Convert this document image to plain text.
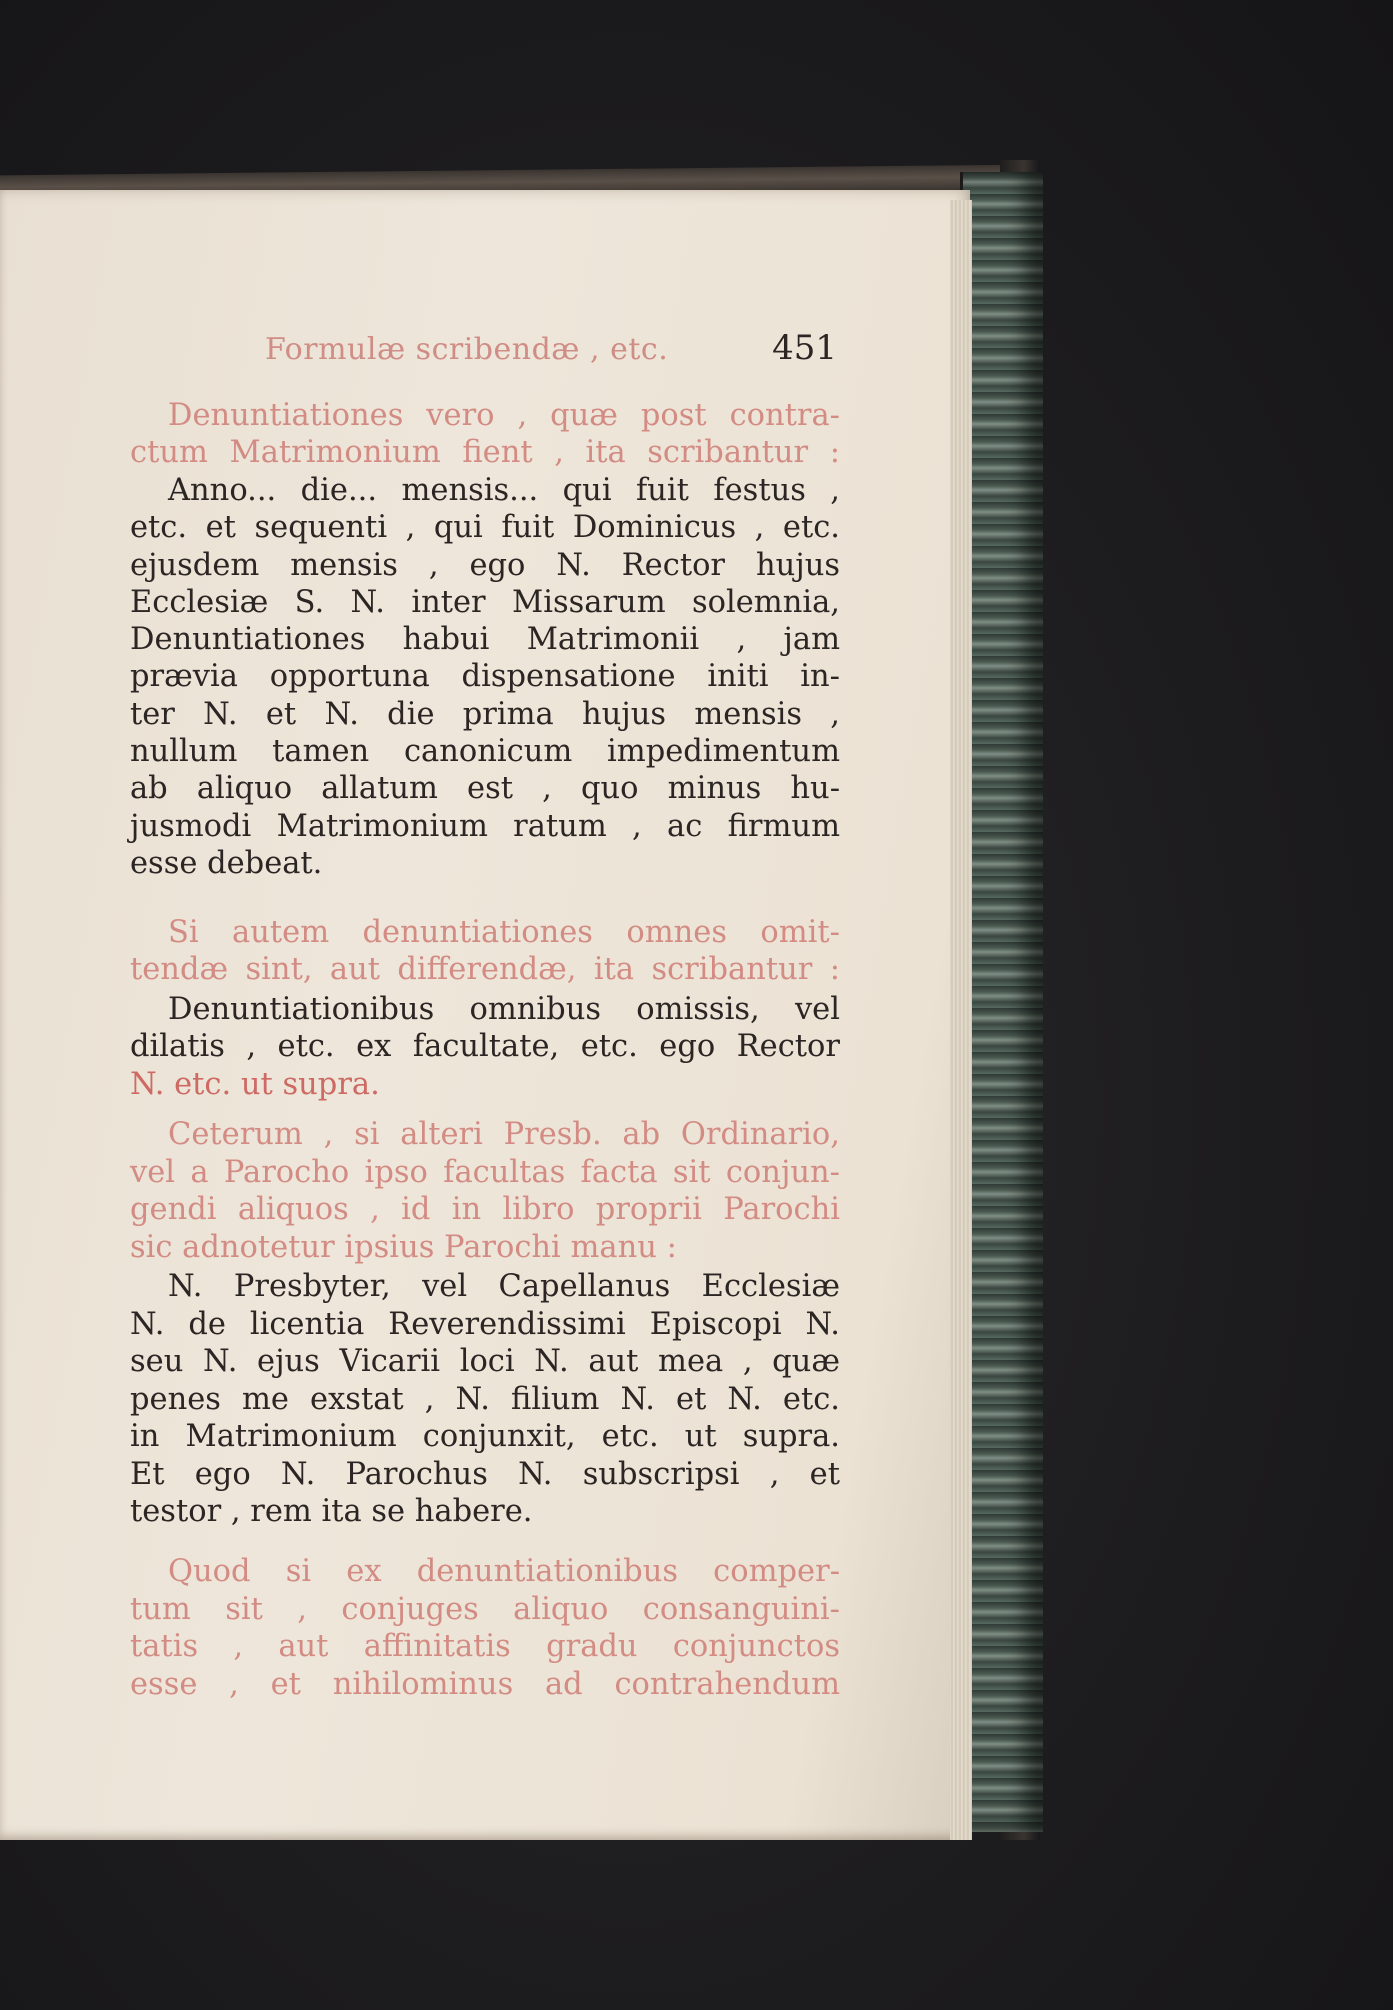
Formulæ scribendæ , etc.	451

Denuntiationes vero , quæ post contra-

ctum Matrimonium fient , ita scribantur :

Anno... die... mensis... qui fuit festus ,

etc. et sequenti , qui fuit Dominicus , etc.

ejusdem mensis , ego N. Rector hujus

Ecclesiæ S. N. inter Missarum solemnia,

Denuntiationes habui Matrimonii , jam

prævia opportuna dispensatione initi in-

ter N. et N. die prima hujus mensis ,

nullum tamen canonicum impedimentum

ab aliquo allatum est , quo minus hu-

jusmodi Matrimonium ratum , ac firmum

esse debeat.

Si autem denuntiationes omnes omit-

tendæ sint, aut differendæ, ita scribantur :

Denuntiationibus omnibus omissis, vel

dilatis , etc. ex facultate, etc. ego Rector

N. etc. ut supra.

Ceterum , si alteri Presb. ab Ordinario,

vel a Parocho ipso facultas facta sit conjun-

gendi aliquos , id in libro proprii Parochi

sic adnotetur ipsius Parochi manu :

N. Presbyter, vel Capellanus Ecclesiæ

N. de licentia Reverendissimi Episcopi N.

seu N. ejus Vicarii loci N. aut mea , quæ

penes me exstat , N. filium N. et N. etc.

in Matrimonium conjunxit, etc. ut supra.

Et ego N. Parochus N. subscripsi , et

testor , rem ita se habere.

Quod si ex denuntiationibus comper-

tum sit , conjuges aliquo consanguini-

tatis , aut affinitatis gradu conjunctos

esse , et nihilominus ad contrahendum
